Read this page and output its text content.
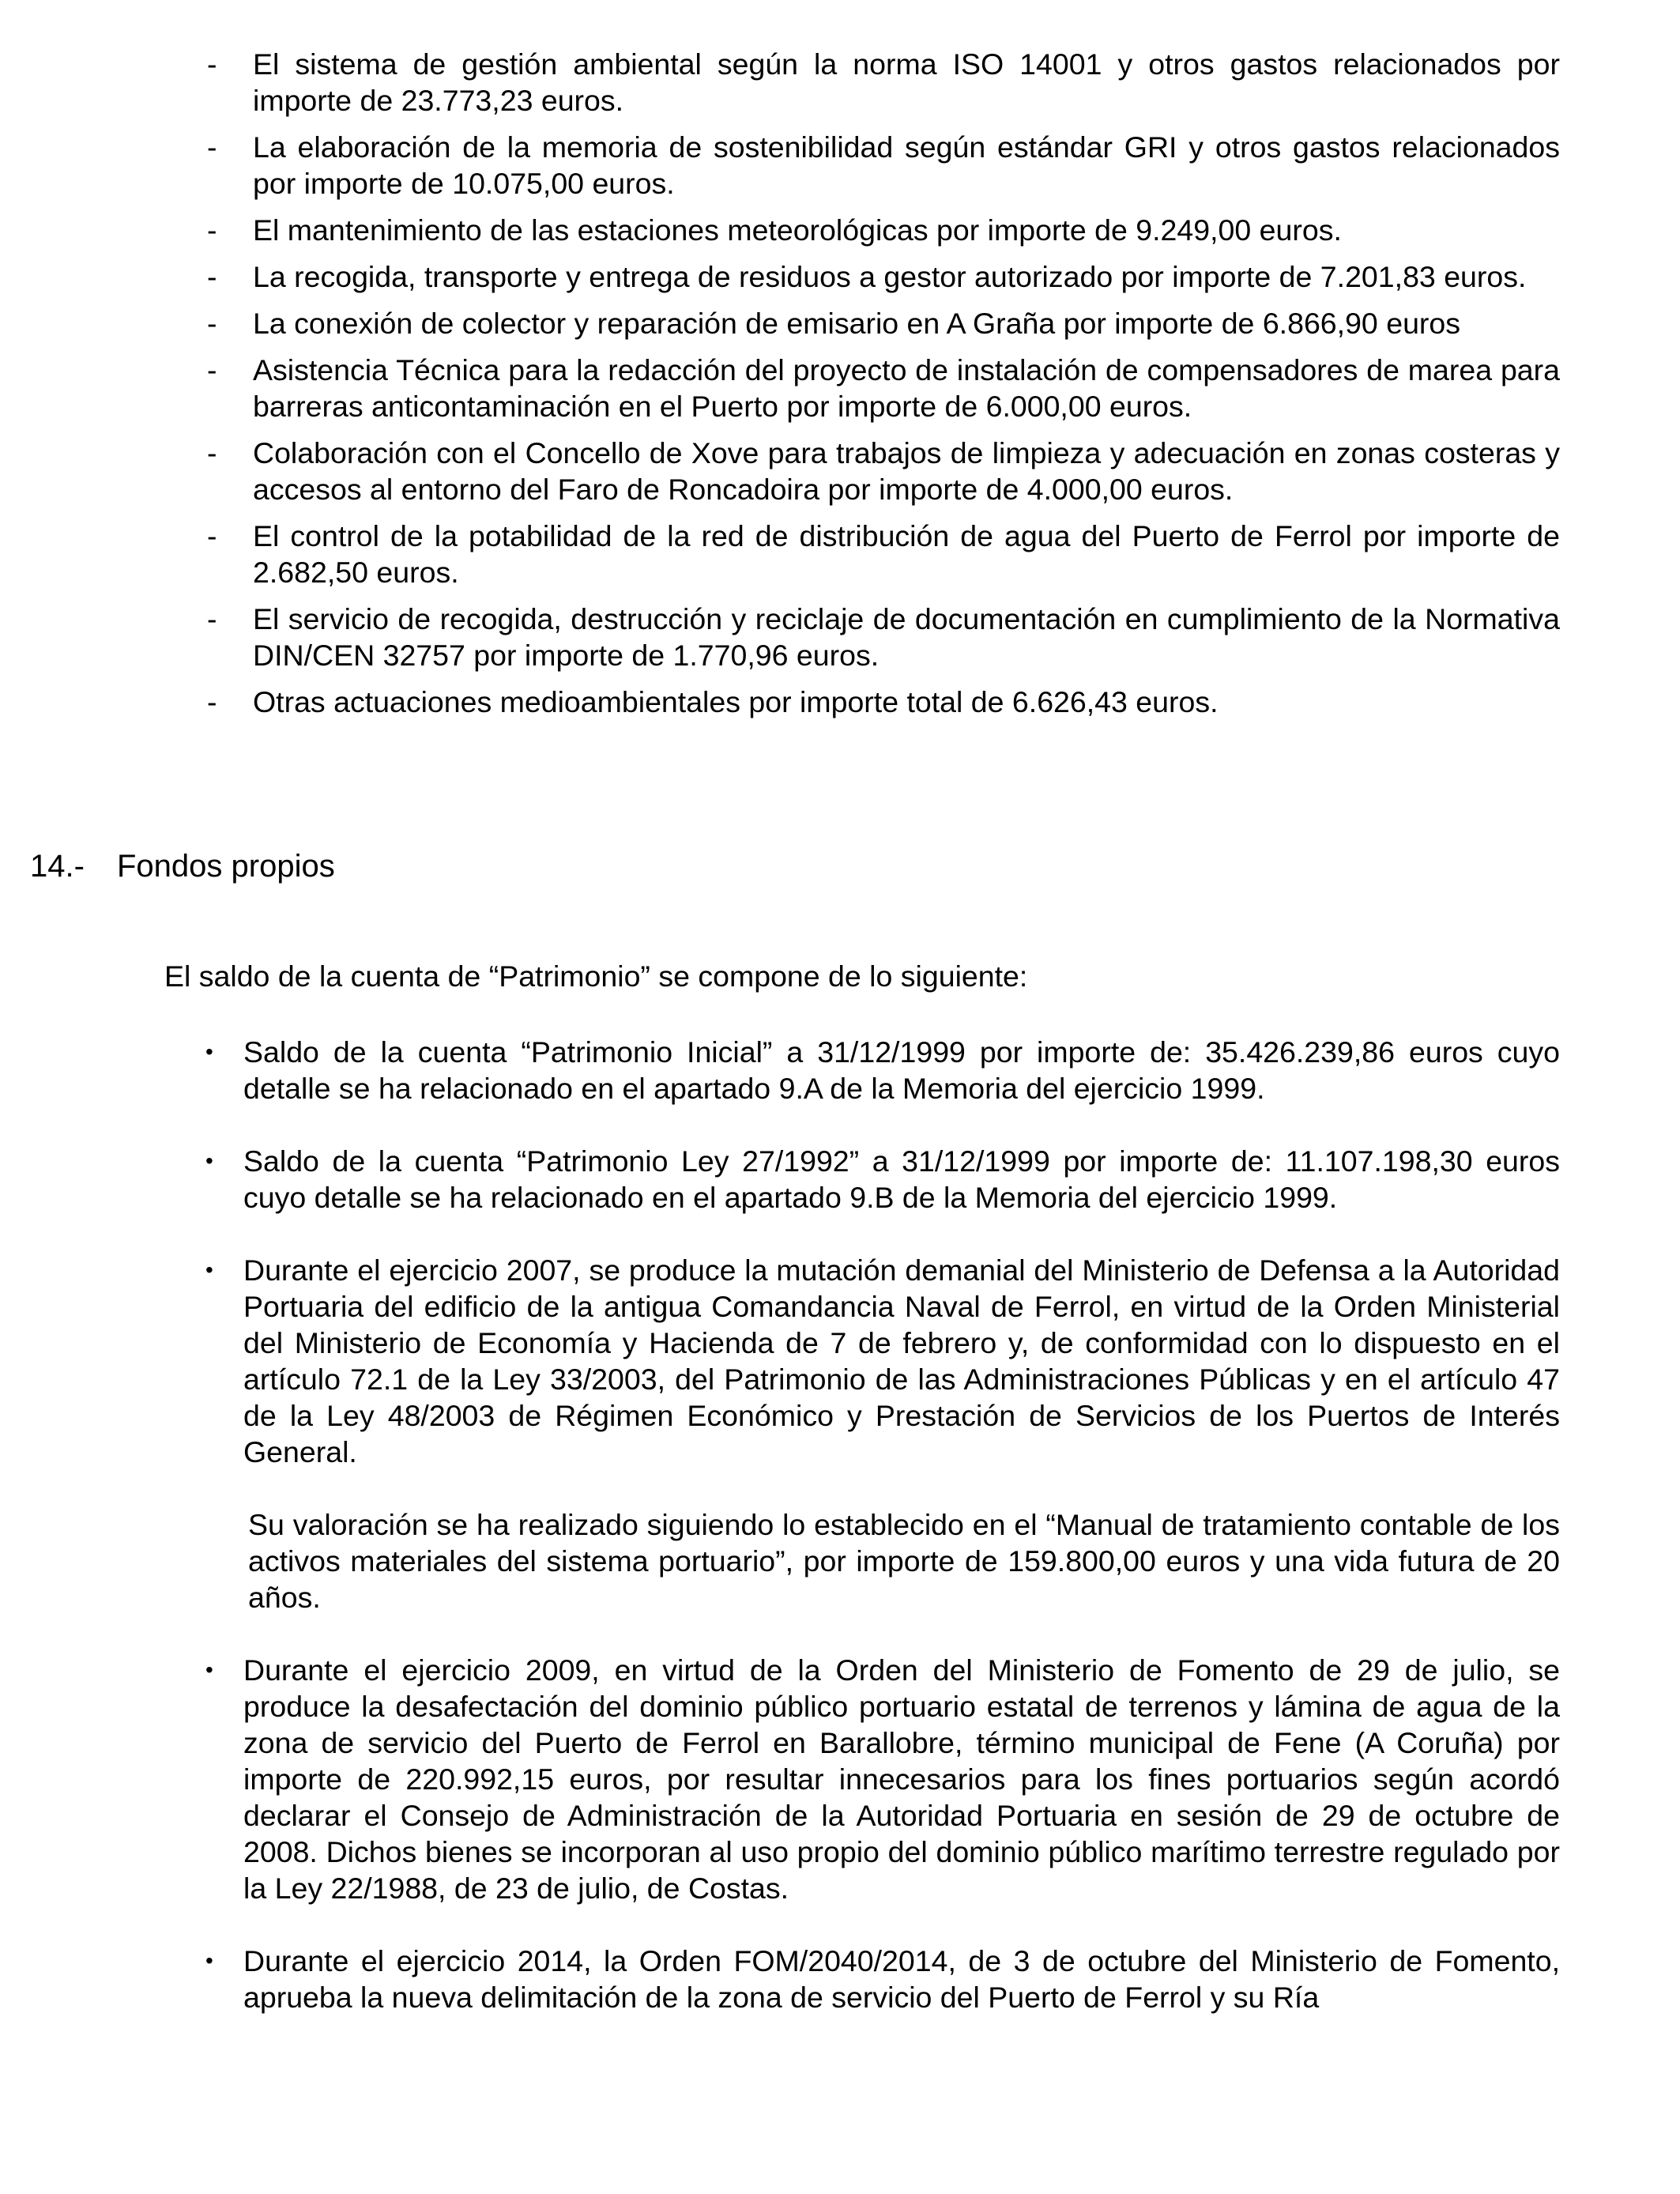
- El sistema de gestión ambiental según la norma ISO 14001 y otros gastos relacionados por importe de 23.773,23 euros.
- La elaboración de la memoria de sostenibilidad según estándar GRI y otros gastos relacionados por importe de 10.075,00 euros.
- El mantenimiento de las estaciones meteorológicas por importe de 9.249,00 euros.
- La recogida, transporte y entrega de residuos a gestor autorizado por importe de 7.201,83 euros.
- La conexión de colector y reparación de emisario en A Graña por importe de 6.866,90 euros
- Asistencia Técnica para la redacción del proyecto de instalación de compensadores de marea para barreras anticontaminación en el Puerto por importe de 6.000,00 euros.
- Colaboración con el Concello de Xove para trabajos de limpieza y adecuación en zonas costeras y accesos al entorno del Faro de Roncadoira por importe de 4.000,00 euros.
- El control de la potabilidad de la red de distribución de agua del Puerto de Ferrol por importe de 2.682,50 euros.
- El servicio de recogida, destrucción y reciclaje de documentación en cumplimiento de la Normativa DIN/CEN 32757 por importe de 1.770,96 euros.
- Otras actuaciones medioambientales por importe total de 6.626,43 euros.
14.- Fondos propios
El saldo de la cuenta de “Patrimonio” se compone de lo siguiente:
• Saldo de la cuenta “Patrimonio Inicial” a 31/12/1999 por importe de: 35.426.239,86 euros cuyo detalle se ha relacionado en el apartado 9.A de la Memoria del ejercicio 1999.

• Saldo de la cuenta “Patrimonio Ley 27/1992” a 31/12/1999 por importe de: 11.107.198,30 euros cuyo detalle se ha relacionado en el apartado 9.B de la Memoria del ejercicio 1999.

• Durante el ejercicio 2007, se produce la mutación demanial del Ministerio de Defensa a la Autoridad Portuaria del edificio de la antigua Comandancia Naval de Ferrol, en virtud de la Orden Ministerial del Ministerio de Economía y Hacienda de 7 de febrero y, de conformidad con lo dispuesto en el artículo 72.1 de la Ley 33/2003, del Patrimonio de las Administraciones Públicas y en el artículo 47 de la Ley 48/2003 de Régimen Económico y Prestación de Servicios de los Puertos de Interés General.

Su valoración se ha realizado siguiendo lo establecido en el “Manual de tratamiento contable de los activos materiales del sistema portuario”, por importe de 159.800,00 euros y una vida futura de 20 años.

• Durante el ejercicio 2009, en virtud de la Orden del Ministerio de Fomento de 29 de julio, se produce la desafectación del dominio público portuario estatal de terrenos y lámina de agua de la zona de servicio del Puerto de Ferrol en Barallobre, término municipal de Fene (A Coruña) por importe de 220.992,15 euros, por resultar innecesarios para los fines portuarios según acordó declarar el Consejo de Administración de la Autoridad Portuaria en sesión de 29 de octubre de 2008. Dichos bienes se incorporan al uso propio del dominio público marítimo terrestre regulado por la Ley 22/1988, de 23 de julio, de Costas.

• Durante el ejercicio 2014, la Orden FOM/2040/2014, de 3 de octubre del Ministerio de Fomento, aprueba la nueva delimitación de la zona de servicio del Puerto de Ferrol y su Ría
